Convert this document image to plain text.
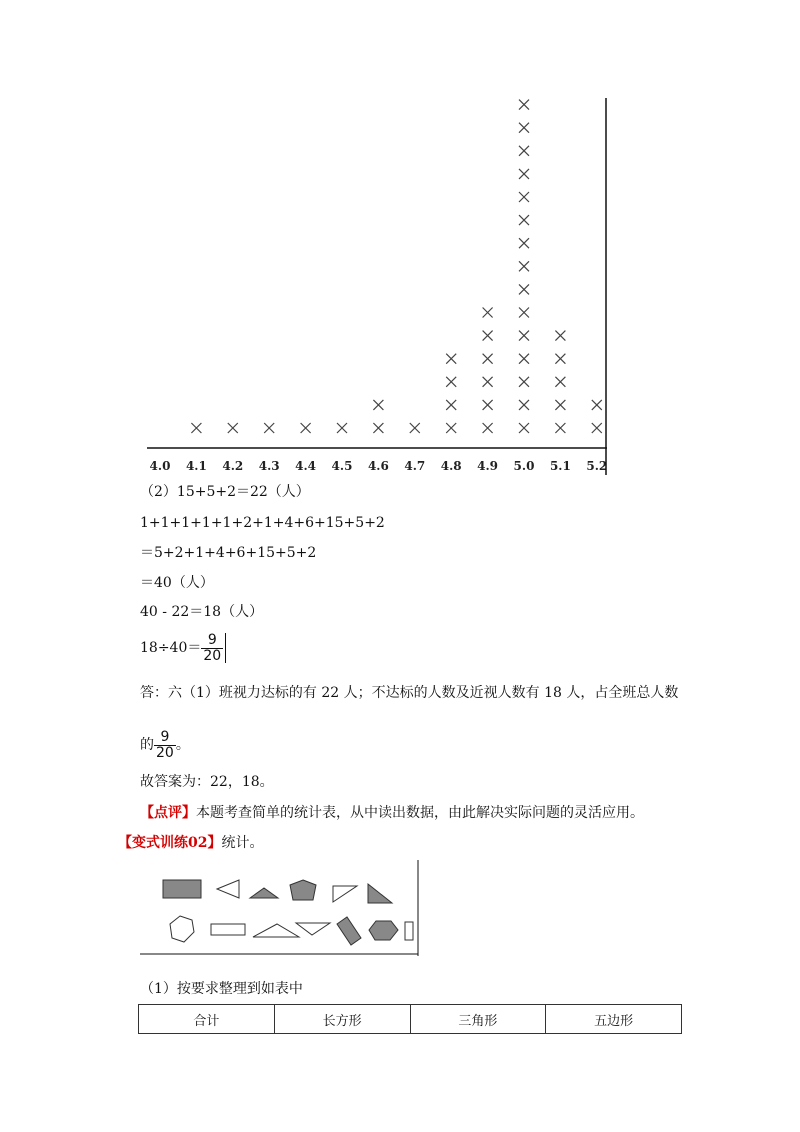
4.0 4.1 4.2 4.3 4.4 4.5 4.6 4.7 4.8 4.9 5.0 5.1 5.2
（2）15+5+2＝22（人）
1+1+1+1+1+2+1+4+6+15+5+2
＝5+2+1+4+6+15+5+2
＝40（人）
40 - 22＝18（人）
$18\div 40= \frac{9}{20}$
答：六（1）班视力达标的有 22 人；不达标的人数及近视人数有 18 人，占全班总人数
的 $\frac{9}{20}$ 。
故答案为：22，18。
【点评】本题考查简单的统计表，从中读出数据，由此解决实际问题的灵活应用。
【变式训练02】统计。
（1）按要求整理到如表中
合计	长方形	三角形	五边形
